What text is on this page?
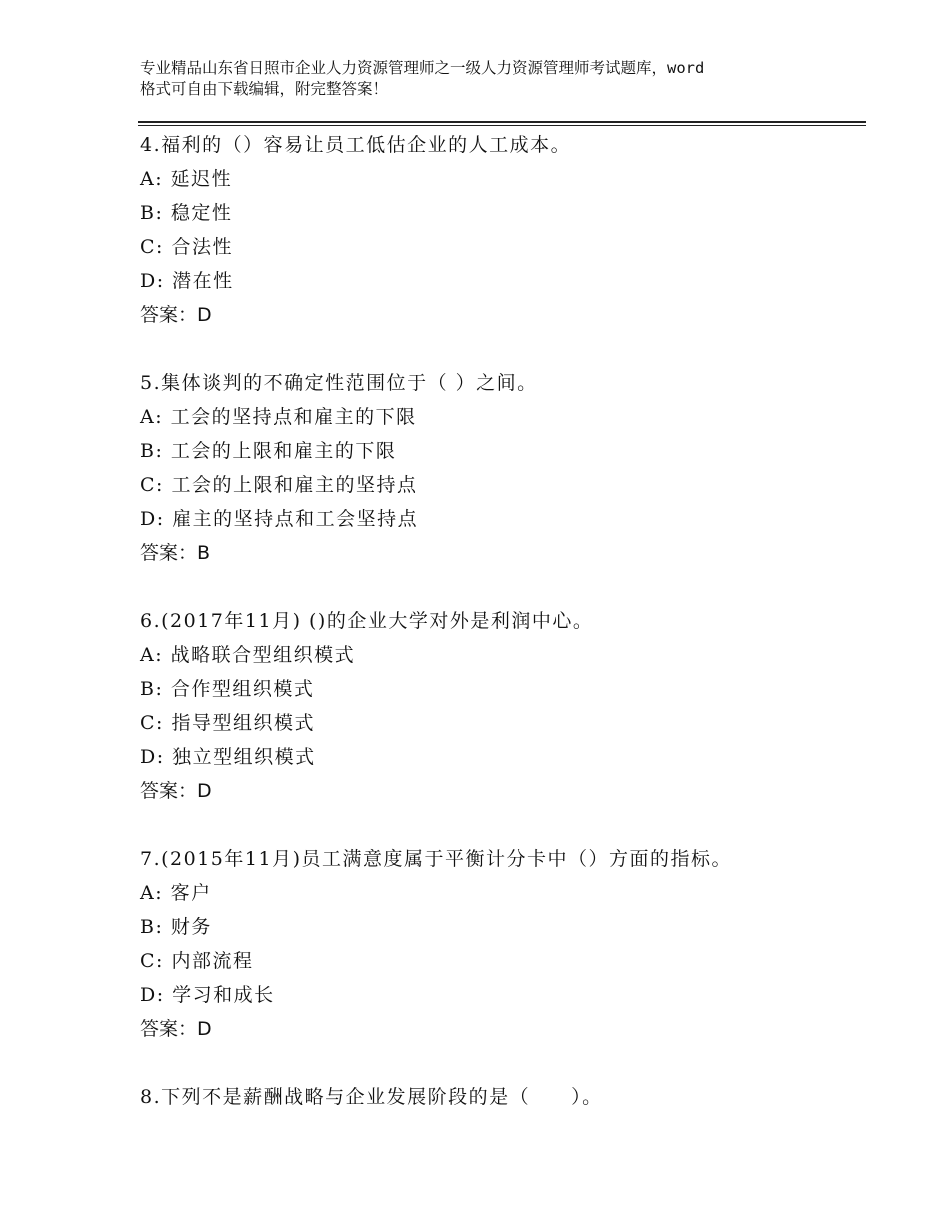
专业精品山东省日照市企业人力资源管理师之一级人力资源管理师考试题库，word
格式可自由下载编辑，附完整答案！
4.福利的（）容易让员工低估企业的人工成本。
A: 延迟性
B: 稳定性
C: 合法性
D: 潜在性
答案：D
5.集体谈判的不确定性范围位于（ ）之间。
A: 工会的坚持点和雇主的下限
B: 工会的上限和雇主的下限
C: 工会的上限和雇主的坚持点
D: 雇主的坚持点和工会坚持点
答案：B
6.(2017年11月) ()的企业大学对外是利润中心。
A: 战略联合型组织模式
B: 合作型组织模式
C: 指导型组织模式
D: 独立型组织模式
答案：D
7.(2015年11月)员工满意度属于平衡计分卡中（）方面的指标。
A: 客户
B: 财务
C: 内部流程
D: 学习和成长
答案：D
8.下列不是薪酬战略与企业发展阶段的是（　　）。
